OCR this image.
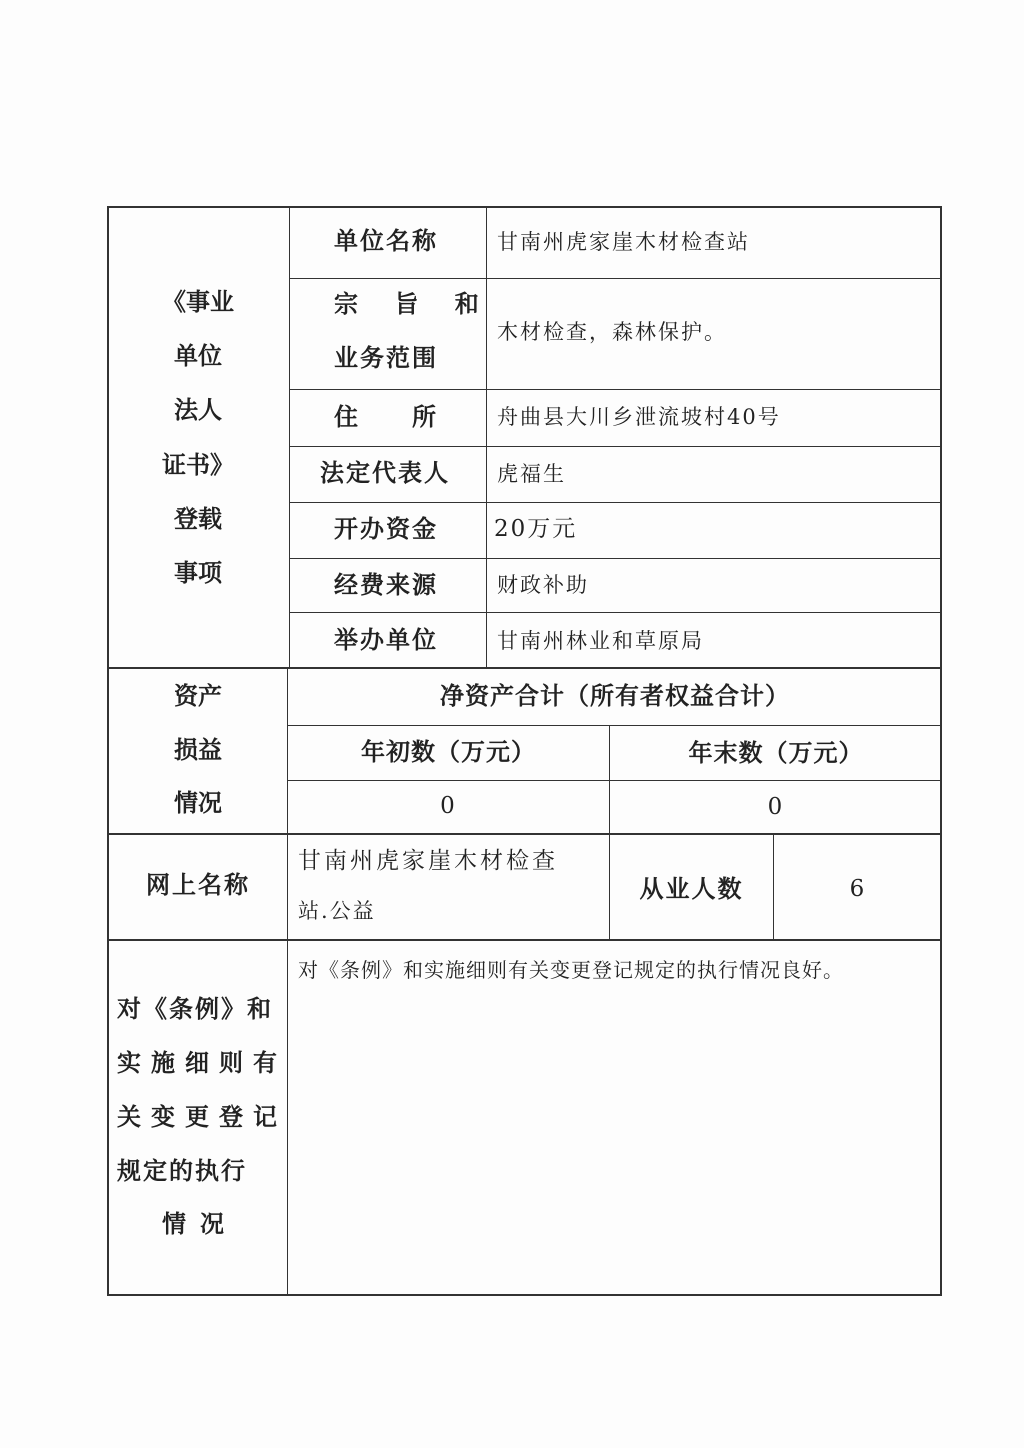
《事业
单位
法人
证书》
登载
事项
单位名称	甘南州虎家崖木材检查站
宗 旨 和
业务范围
木材检查，森林保护。
住　　所	舟曲县大川乡泄流坡村40号
法定代表人 虎福生
开办资金 20万元
经费来源	财政补助
举办单位	甘南州林业和草原局
资产
损益
情况
净资产合计（所有者权益合计）
年初数（万元）	年末数（万元）
0	0
网上名称
甘南州虎家崖木材检查
站.公益
从业人数	6
对《条例》和
实施细则有
关变更登记
规定的执行
情况
对《条例》和实施细则有关变更登记规定的执行情况良好。
